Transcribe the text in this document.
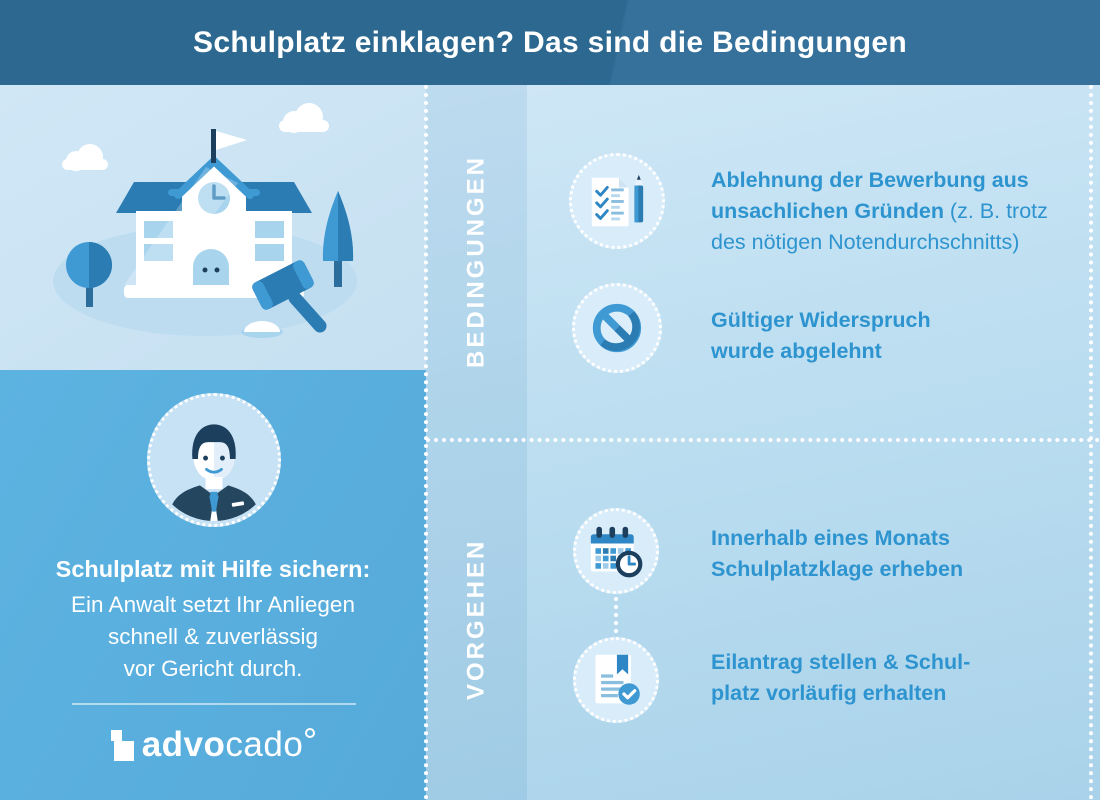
Schulplatz einklagen? Das sind die Bedingungen
Schulplatz mit Hilfe sichern:
Ein Anwalt setzt Ihr Anliegen
schnell & zuverlässig
vor Gericht durch.
advocado
BEDINGUNGEN
VORGEHEN
Ablehnung der Bewerbung aus
unsachlichen Gründen (z. B. trotz
des nötigen Notendurchschnitts)
Gültiger Widerspruch
wurde abgelehnt
Innerhalb eines Monats
Schulplatzklage erheben
Eilantrag stellen & Schul-
platz vorläufig erhalten
